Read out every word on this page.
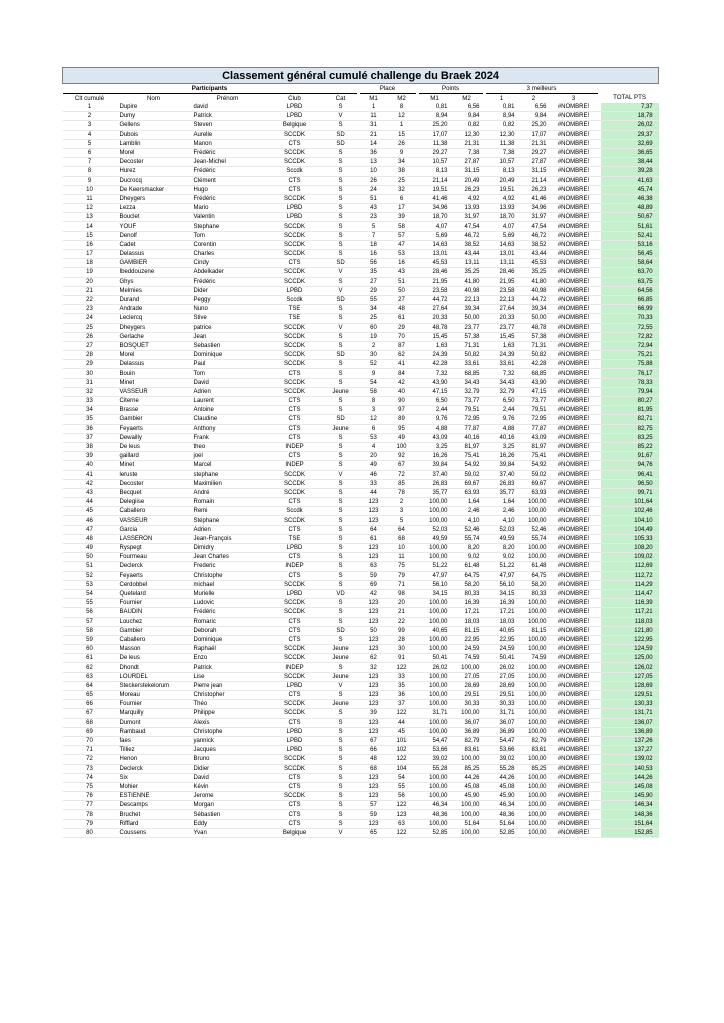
Classement général cumulé challenge du Braek 2024																
Participants						Place			Points			3 meilleurs				
Clt cumulé	Nom	Prénom	Club	Cat		M1	M2		M1	M2		1	2	3		TOTAL PTS
1	Dupire	david	LPBD	S		1	8		0,81	6,56		0,81	6,56	#NOMBRE!		7,37
2	Dumy	Patrick	LPBD	V		11	12		8,94	9,84		8,94	9,84	#NOMBRE!		18,78
3	Gellens	Steven	Belgique	S		31	1		25,20	0,82		0,82	25,20	#NOMBRE!		26,02
4	Dubois	Aurelle	SCCDK	SD		21	15		17,07	12,30		12,30	17,07	#NOMBRE!		29,37
5	Lamblin	Manon	CTS	SD		14	26		11,38	21,31		11,38	21,31	#NOMBRE!		32,69
6	Morel	Frédéric	SCCDK	S		36	9		29,27	7,38		7,38	29,27	#NOMBRE!		36,65
7	Decoster	Jean-Michel	SCCDK	S		13	34		10,57	27,87		10,57	27,87	#NOMBRE!		38,44
8	Hurez	Frédéric	Sccdk	S		10	38		8,13	31,15		8,13	31,15	#NOMBRE!		39,28
9	Ducrocq	Clément	CTS	S		26	25		21,14	20,49		20,49	21,14	#NOMBRE!		41,63
10	De Keersmacker	Hugo	CTS	S		24	32		19,51	26,23		19,51	26,23	#NOMBRE!		45,74
11	Dheygers	Frédéric	SCCDK	S		51	6		41,46	4,92		4,92	41,46	#NOMBRE!		46,38
12	Lezza	Mario	LPBD	S		43	17		34,96	13,93		13,93	34,96	#NOMBRE!		48,89
13	Bouclet	Valentin	LPBD	S		23	39		18,70	31,97		18,70	31,97	#NOMBRE!		50,67
14	YOUF	Stephane	SCCDK	S		5	58		4,07	47,54		4,07	47,54	#NOMBRE!		51,61
15	Denolf	Tom	SCCDK	S		7	57		5,69	46,72		5,69	46,72	#NOMBRE!		52,41
16	Cadet	Corentin	SCCDK	S		18	47		14,63	38,52		14,63	38,52	#NOMBRE!		53,16
17	Delassus	Charles	SCCDK	S		16	53		13,01	43,44		13,01	43,44	#NOMBRE!		56,45
18	GAMBIER	Cindy	CTS	SD		56	16		45,53	13,11		13,11	45,53	#NOMBRE!		58,64
19	Ibeddouzene	Abdelkader	SCCDK	V		35	43		28,46	35,25		28,46	35,25	#NOMBRE!		63,70
20	Ghys	Frédéric	SCCDK	S		27	51		21,95	41,80		21,95	41,80	#NOMBRE!		63,75
21	Melmies	Dider	LPBD	V		29	50		23,58	40,98		23,58	40,98	#NOMBRE!		64,56
22	Durand	Peggy	Sccdk	SD		55	27		44,72	22,13		22,13	44,72	#NOMBRE!		66,85
23	Andrade	Nuno	TSE	S		34	48		27,64	39,34		27,64	39,34	#NOMBRE!		66,99
24	Leclercq	Stive	TSE	S		25	61		20,33	50,00		20,33	50,00	#NOMBRE!		70,33
25	Dheygers	patrice	SCCDK	V		60	29		48,78	23,77		23,77	48,78	#NOMBRE!		72,55
26	Gerlache	Jean	SCCDK	S		19	70		15,45	57,38		15,45	57,38	#NOMBRE!		72,82
27	BOSQUET	Sebastien	SCCDK	S		2	87		1,63	71,31		1,63	71,31	#NOMBRE!		72,94
28	Morel	Dominique	SCCDK	SD		30	62		24,39	50,82		24,39	50,82	#NOMBRE!		75,21
29	Delassus	Paul	SCCDK	S		52	41		42,28	33,61		33,61	42,28	#NOMBRE!		75,88
30	Bouin	Tom	CTS	S		9	84		7,32	68,85		7,32	68,85	#NOMBRE!		76,17
31	Minet	David	SCCDK	S		54	42		43,90	34,43		34,43	43,90	#NOMBRE!		78,33
32	VASSEUR	Adrien	SCCDK	Jeune		58	40		47,15	32,79		32,79	47,15	#NOMBRE!		79,94
33	Citerne	Laurent	CTS	S		8	90		6,50	73,77		6,50	73,77	#NOMBRE!		80,27
34	Brasse	Antoine	CTS	S		3	97		2,44	79,51		2,44	79,51	#NOMBRE!		81,95
35	Gambier	Claudine	CTS	SD		12	89		9,76	72,95		9,76	72,95	#NOMBRE!		82,71
36	Feyaerts	Anthony	CTS	Jeune		6	95		4,88	77,87		4,88	77,87	#NOMBRE!		82,75
37	Dewailly	Frank	CTS	S		53	49		43,09	40,16		40,16	43,09	#NOMBRE!		83,25
38	De leus	theo	INDEP	S		4	100		3,25	81,97		3,25	81,97	#NOMBRE!		85,22
39	gaillard	joel	CTS	S		20	92		16,26	75,41		16,26	75,41	#NOMBRE!		91,67
40	Minet	Marcel	INDEP	S		49	67		39,84	54,92		39,84	54,92	#NOMBRE!		94,76
41	leruste	stephane	SCCDK	V		46	72		37,40	59,02		37,40	59,02	#NOMBRE!		96,41
42	Decoster	Maximilien	SCCDK	S		33	85		26,83	69,67		26,83	69,67	#NOMBRE!		96,50
43	Becquet	André	SCCDK	S		44	78		35,77	63,93		35,77	63,93	#NOMBRE!		99,71
44	Delegiise	Romain	CTS	S		123	2		100,00	1,64		1,64	100,00	#NOMBRE!		101,64
45	Caballero	Remi	Sccdk	S		123	3		100,00	2,46		2,46	100,00	#NOMBRE!		102,46
46	VASSEUR	Stéphane	SCCDK	S		123	5		100,00	4,10		4,10	100,00	#NOMBRE!		104,10
47	Garcia	Adrien	CTS	S		64	64		52,03	52,46		52,03	52,46	#NOMBRE!		104,49
48	LASSERON	Jean-François	TSE	S		61	68		49,59	55,74		49,59	55,74	#NOMBRE!		105,33
49	Ryspegt	Dimidry	LPBD	S		123	10		100,00	8,20		8,20	100,00	#NOMBRE!		108,20
50	Fourmeau	Jean Charles	CTS	S		123	11		100,00	9,02		9,02	100,00	#NOMBRE!		109,02
51	Declerck	Frederic	INDEP	S		63	75		51,22	61,48		51,22	61,48	#NOMBRE!		112,69
52	Feyaerts	Christophe	CTS	S		59	79		47,97	64,75		47,97	64,75	#NOMBRE!		112,72
53	Cerdobbel	michael	SCCDK	S		69	71		56,10	58,20		56,10	58,20	#NOMBRE!		114,29
54	Quetelard	Murielle	LPBD	VD		42	98		34,15	80,33		34,15	80,33	#NOMBRE!		114,47
55	Fournier	Ludovic	SCCDK	S		123	20		100,00	16,39		16,39	100,00	#NOMBRE!		116,39
56	BAUDIN	Frédéric	SCCDK	S		123	21		100,00	17,21		17,21	100,00	#NOMBRE!		117,21
57	Louchez	Romaric	CTS	S		123	22		100,00	18,03		18,03	100,00	#NOMBRE!		118,03
58	Gambier	Deborah	CTS	SD		50	99		40,65	81,15		40,65	81,15	#NOMBRE!		121,80
59	Caballero	Dominique	CTS	S		123	28		100,00	22,95		22,95	100,00	#NOMBRE!		122,95
60	Masson	Raphaël	SCCDK	Jeune		123	30		100,00	24,59		24,59	100,00	#NOMBRE!		124,59
61	De leus	Enzo	SCCDK	Jeune		62	91		50,41	74,59		50,41	74,59	#NOMBRE!		125,00
62	Dhondt	Patrick	INDEP	S		32	122		26,02	100,00		26,02	100,00	#NOMBRE!		126,02
63	LOURDEL	Lise	SCCDK	Jeune		123	33		100,00	27,05		27,05	100,00	#NOMBRE!		127,05
64	Steckerstekelorum	Pierre jean	LPBD	V		123	35		100,00	28,69		28,69	100,00	#NOMBRE!		128,69
65	Moreau	Christopher	CTS	S		123	36		100,00	29,51		29,51	100,00	#NOMBRE!		129,51
66	Fournier	Théo	SCCDK	Jeune		123	37		100,00	30,33		30,33	100,00	#NOMBRE!		130,33
67	Marquilly	Philippe	SCCDK	S		39	122		31,71	100,00		31,71	100,00	#NOMBRE!		131,71
68	Dumont	Alexis	CTS	S		123	44		100,00	36,07		36,07	100,00	#NOMBRE!		136,07
69	Rambaud	Christophe	LPBD	S		123	45		100,00	36,89		36,89	100,00	#NOMBRE!		136,89
70	faes	yannick	LPBD	S		67	101		54,47	82,79		54,47	82,79	#NOMBRE!		137,26
71	Tilliez	Jacques	LPBD	S		66	102		53,66	83,61		53,66	83,61	#NOMBRE!		137,27
72	Henon	Bruno	SCCDK	S		48	122		39,02	100,00		39,02	100,00	#NOMBRE!		139,02
73	Declerck	Didier	SCCDK	S		68	104		55,28	85,25		55,28	85,25	#NOMBRE!		140,53
74	Six	David	CTS	S		123	54		100,00	44,26		44,26	100,00	#NOMBRE!		144,26
75	Mohier	Kévin	CTS	S		123	55		100,00	45,08		45,08	100,00	#NOMBRE!		145,08
76	ESTIENNE	Jerome	SCCDK	S		123	56		100,00	45,90		45,90	100,00	#NOMBRE!		145,90
77	Descamps	Morgan	CTS	S		57	122		46,34	100,00		46,34	100,00	#NOMBRE!		146,34
78	Bruchet	Sébastien	CTS	S		59	123		48,36	100,00		48,36	100,00	#NOMBRE!		148,36
79	Rifflard	Eddy	CTS	S		123	63		100,00	51,64		51,64	100,00	#NOMBRE!		151,64
80	Coussens	Yvan	Belgique	V		65	122		52,85	100,00		52,85	100,00	#NOMBRE!		152,85
